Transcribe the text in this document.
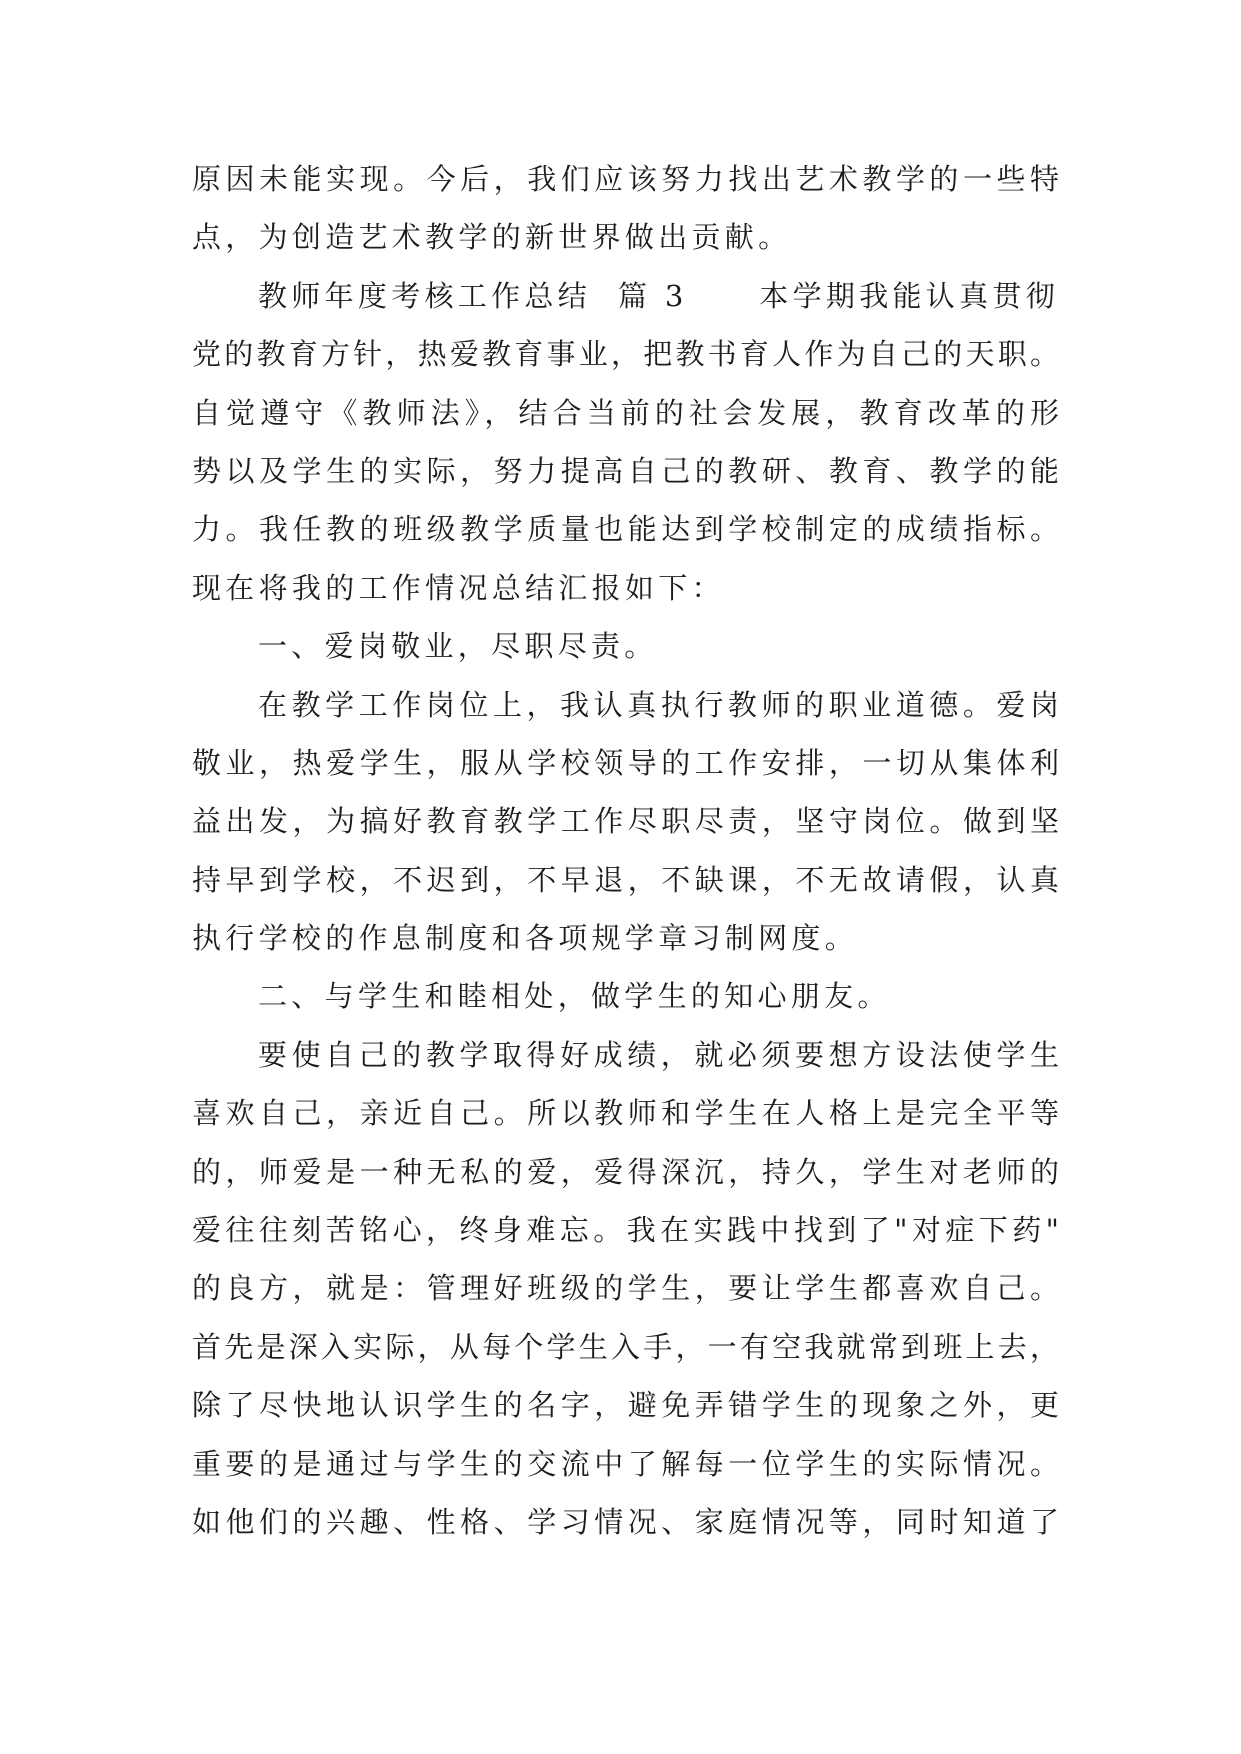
原因未能实现。今后，我们应该努力找出艺术教学的一些特
点，为创造艺术教学的新世界做出贡献。
教师年度考核工作总结  篇 3 本学期我能认真贯彻
党的教育方针，热爱教育事业，把教书育人作为自己的天职。
自觉遵守《教师法》，结合当前的社会发展，教育改革的形
势以及学生的实际，努力提高自己的教研、教育、教学的能
力。我任教的班级教学质量也能达到学校制定的成绩指标。
现在将我的工作情况总结汇报如下：
一、爱岗敬业，尽职尽责。
在教学工作岗位上，我认真执行教师的职业道德。爱岗
敬业，热爱学生，服从学校领导的工作安排，一切从集体利
益出发，为搞好教育教学工作尽职尽责，坚守岗位。做到坚
持早到学校，不迟到，不早退，不缺课，不无故请假，认真
执行学校的作息制度和各项规学章习制网度。
二、与学生和睦相处，做学生的知心朋友。
要使自己的教学取得好成绩，就必须要想方设法使学生
喜欢自己，亲近自己。所以教师和学生在人格上是完全平等
的，师爱是一种无私的爱，爱得深沉，持久，学生对老师的
爱往往刻苦铭心，终身难忘。我在实践中找到了"对症下药"
的良方，就是：管理好班级的学生，要让学生都喜欢自己。
首先是深入实际，从每个学生入手，一有空我就常到班上去，
除了尽快地认识学生的名字，避免弄错学生的现象之外，更
重要的是通过与学生的交流中了解每一位学生的实际情况。
如他们的兴趣、性格、学习情况、家庭情况等，同时知道了
